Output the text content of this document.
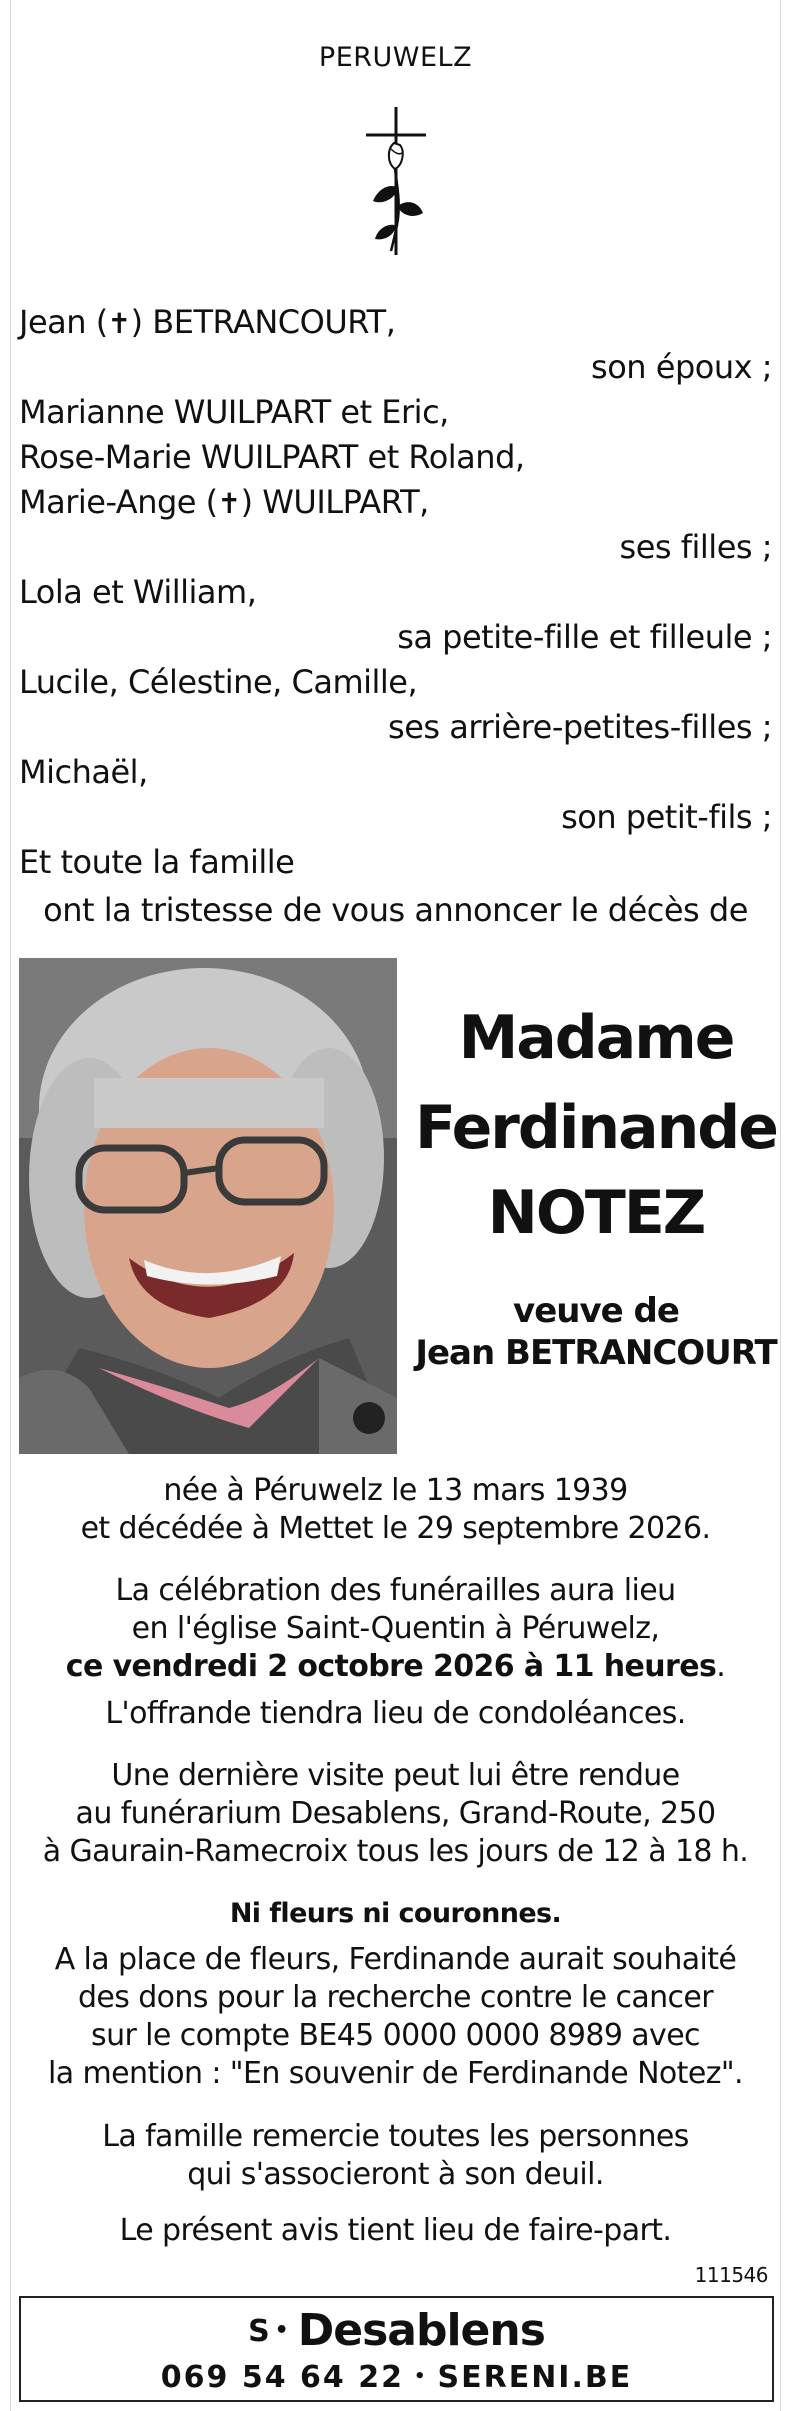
PERUWELZ
Jean (✝) BETRANCOURT,
son époux ;
Marianne WUILPART et Eric,
Rose-Marie WUILPART et Roland,
Marie-Ange (✝) WUILPART,
ses filles ;
Lola et William,
sa petite-fille et filleule ;
Lucile, Célestine, Camille,
ses arrière-petites-filles ;
Michaël,
son petit-fils ;
Et toute la famille
ont la tristesse de vous annoncer le décès de
Madame
Ferdinande
NOTEZ
veuve de
Jean BETRANCOURT
née à Péruwelz le 13 mars 1939
et décédée à Mettet le 29 septembre 2026.
La célébration des funérailles aura lieu
en l'église Saint-Quentin à Péruwelz,
ce vendredi 2 octobre 2026 à 11 heures.
L'offrande tiendra lieu de condoléances.
Une dernière visite peut lui être rendue
au funérarium Desablens, Grand-Route, 250
à Gaurain-Ramecroix tous les jours de 12 à 18 h.
Ni fleurs ni couronnes.
A la place de fleurs, Ferdinande aurait souhaité
des dons pour la recherche contre le cancer
sur le compte BE45 0000 0000 8989 avec
la mention : "En souvenir de Ferdinande Notez".
La famille remercie toutes les personnes
qui s'associeront à son deuil.
Le présent avis tient lieu de faire-part.
111546
S • Desablens
069 54 64 22 • SERENI.BE
